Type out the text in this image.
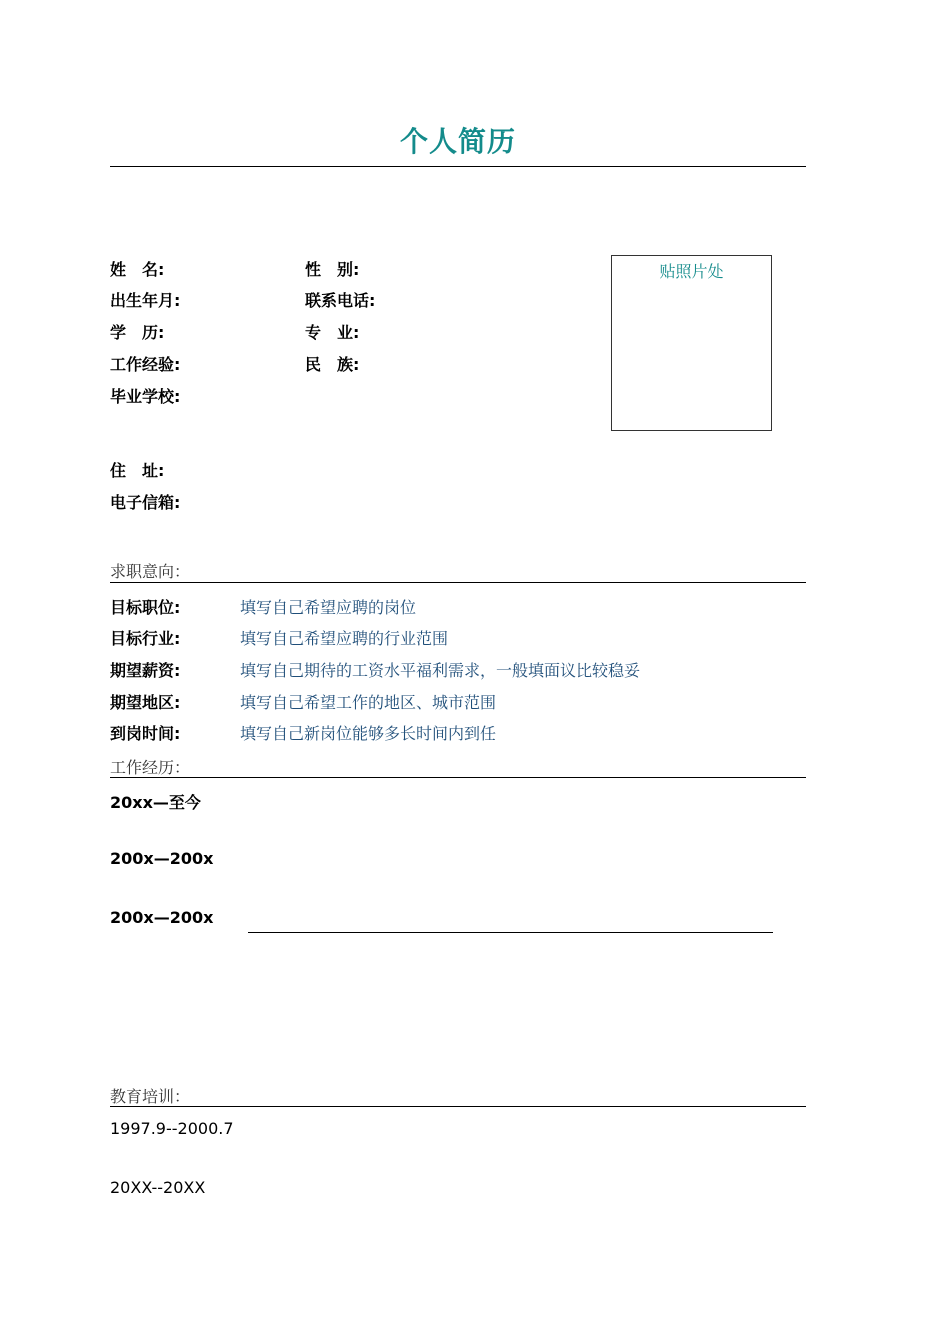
个人简历
姓　名:	性　别:
出生年月:	联系电话:
学　历:	专　业:
工作经验:	民　族:
毕业学校:
住　址:
电子信箱:
贴照片处
求职意向：
目标职位:	填写自己希望应聘的岗位
目标行业:	填写自己希望应聘的行业范围
期望薪资:	填写自己期待的工资水平福利需求，一般填面议比较稳妥
期望地区:	填写自己希望工作的地区、城市范围
到岗时间:	填写自己新岗位能够多长时间内到任
工作经历：
20xx—至今
200x—200x
200x—200x
教育培训：
1997.9--2000.7
20XX--20XX
